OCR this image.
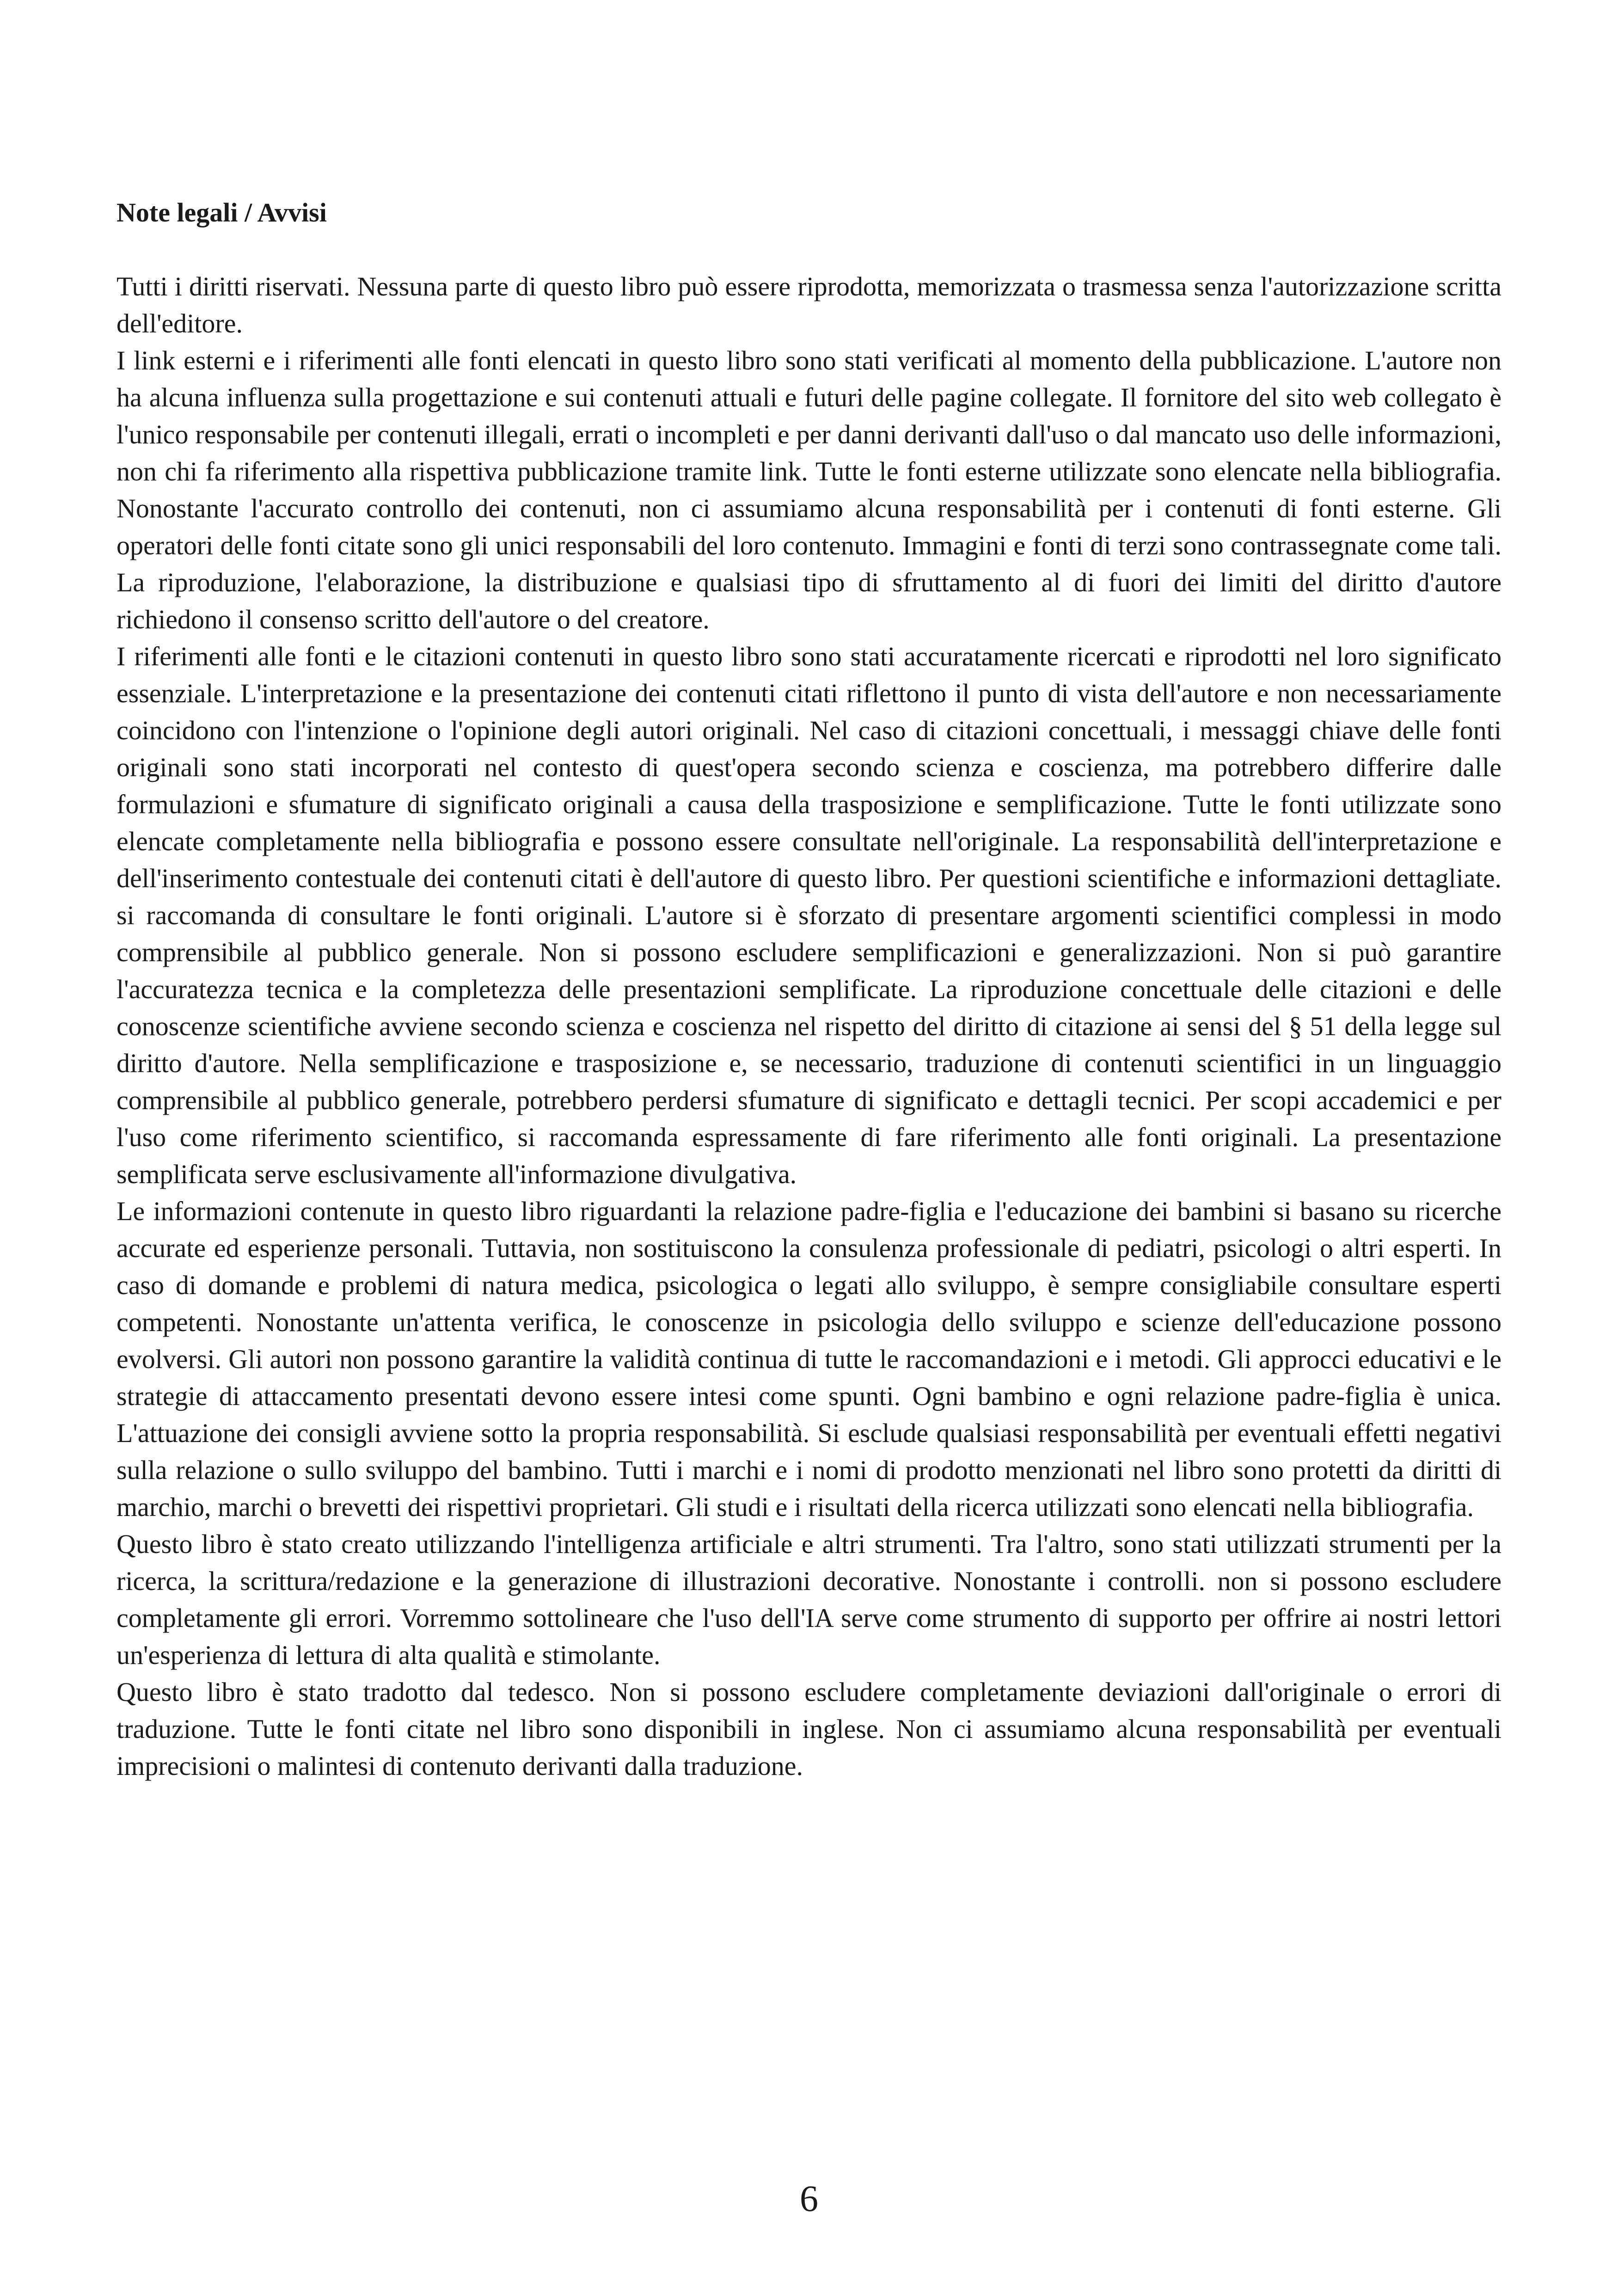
Note legali / Avvisi

Tutti i diritti riservati. Nessuna parte di questo libro può essere riprodotta, memorizzata o trasmessa senza l'autorizzazione scritta dell'editore.

I link esterni e i riferimenti alle fonti elencati in questo libro sono stati verificati al momento della pubblicazione. L'autore non ha alcuna influenza sulla progettazione e sui contenuti attuali e futuri delle pagine collegate. Il fornitore del sito web collegato è l'unico responsabile per contenuti illegali, errati o incompleti e per danni derivanti dall'uso o dal mancato uso delle informazioni, non chi fa riferimento alla rispettiva pubblicazione tramite link. Tutte le fonti esterne utilizzate sono elencate nella bibliografia. Nonostante l'accurato controllo dei contenuti, non ci assumiamo alcuna responsabilità per i contenuti di fonti esterne. Gli operatori delle fonti citate sono gli unici responsabili del loro contenuto. Immagini e fonti di terzi sono contrassegnate come tali. La riproduzione, l'elaborazione, la distribuzione e qualsiasi tipo di sfruttamento al di fuori dei limiti del diritto d'autore richiedono il consenso scritto dell'autore o del creatore.

I riferimenti alle fonti e le citazioni contenuti in questo libro sono stati accuratamente ricercati e riprodotti nel loro significato essenziale. L'interpretazione e la presentazione dei contenuti citati riflettono il punto di vista dell'autore e non necessariamente coincidono con l'intenzione o l'opinione degli autori originali. Nel caso di citazioni concettuali, i messaggi chiave delle fonti originali sono stati incorporati nel contesto di quest'opera secondo scienza e coscienza, ma potrebbero differire dalle formulazioni e sfumature di significato originali a causa della trasposizione e semplificazione. Tutte le fonti utilizzate sono elencate completamente nella bibliografia e possono essere consultate nell'originale. La responsabilità dell'interpretazione e dell'inserimento contestuale dei contenuti citati è dell'autore di questo libro. Per questioni scientifiche e informazioni dettagliate. si raccomanda di consultare le fonti originali. L'autore si è sforzato di presentare argomenti scientifici complessi in modo comprensibile al pubblico generale. Non si possono escludere semplificazioni e generalizzazioni. Non si può garantire l'accuratezza tecnica e la completezza delle presentazioni semplificate. La riproduzione concettuale delle citazioni e delle conoscenze scientifiche avviene secondo scienza e coscienza nel rispetto del diritto di citazione ai sensi del § 51 della legge sul diritto d'autore. Nella semplificazione e trasposizione e, se necessario, traduzione di contenuti scientifici in un linguaggio comprensibile al pubblico generale, potrebbero perdersi sfumature di significato e dettagli tecnici. Per scopi accademici e per l'uso come riferimento scientifico, si raccomanda espressamente di fare riferimento alle fonti originali. La presentazione semplificata serve esclusivamente all'informazione divulgativa.

Le informazioni contenute in questo libro riguardanti la relazione padre-figlia e l'educazione dei bambini si basano su ricerche accurate ed esperienze personali. Tuttavia, non sostituiscono la consulenza professionale di pediatri, psicologi o altri esperti. In caso di domande e problemi di natura medica, psicologica o legati allo sviluppo, è sempre consigliabile consultare esperti competenti. Nonostante un'attenta verifica, le conoscenze in psicologia dello sviluppo e scienze dell'educazione possono evolversi. Gli autori non possono garantire la validità continua di tutte le raccomandazioni e i metodi. Gli approcci educativi e le strategie di attaccamento presentati devono essere intesi come spunti. Ogni bambino e ogni relazione padre-figlia è unica. L'attuazione dei consigli avviene sotto la propria responsabilità. Si esclude qualsiasi responsabilità per eventuali effetti negativi sulla relazione o sullo sviluppo del bambino. Tutti i marchi e i nomi di prodotto menzionati nel libro sono protetti da diritti di marchio, marchi o brevetti dei rispettivi proprietari. Gli studi e i risultati della ricerca utilizzati sono elencati nella bibliografia.

Questo libro è stato creato utilizzando l'intelligenza artificiale e altri strumenti. Tra l'altro, sono stati utilizzati strumenti per la ricerca, la scrittura/redazione e la generazione di illustrazioni decorative. Nonostante i controlli. non si possono escludere completamente gli errori. Vorremmo sottolineare che l'uso dell'IA serve come strumento di supporto per offrire ai nostri lettori un'esperienza di lettura di alta qualità e stimolante.

Questo libro è stato tradotto dal tedesco. Non si possono escludere completamente deviazioni dall'originale o errori di traduzione. Tutte le fonti citate nel libro sono disponibili in inglese. Non ci assumiamo alcuna responsabilità per eventuali imprecisioni o malintesi di contenuto derivanti dalla traduzione.

6
